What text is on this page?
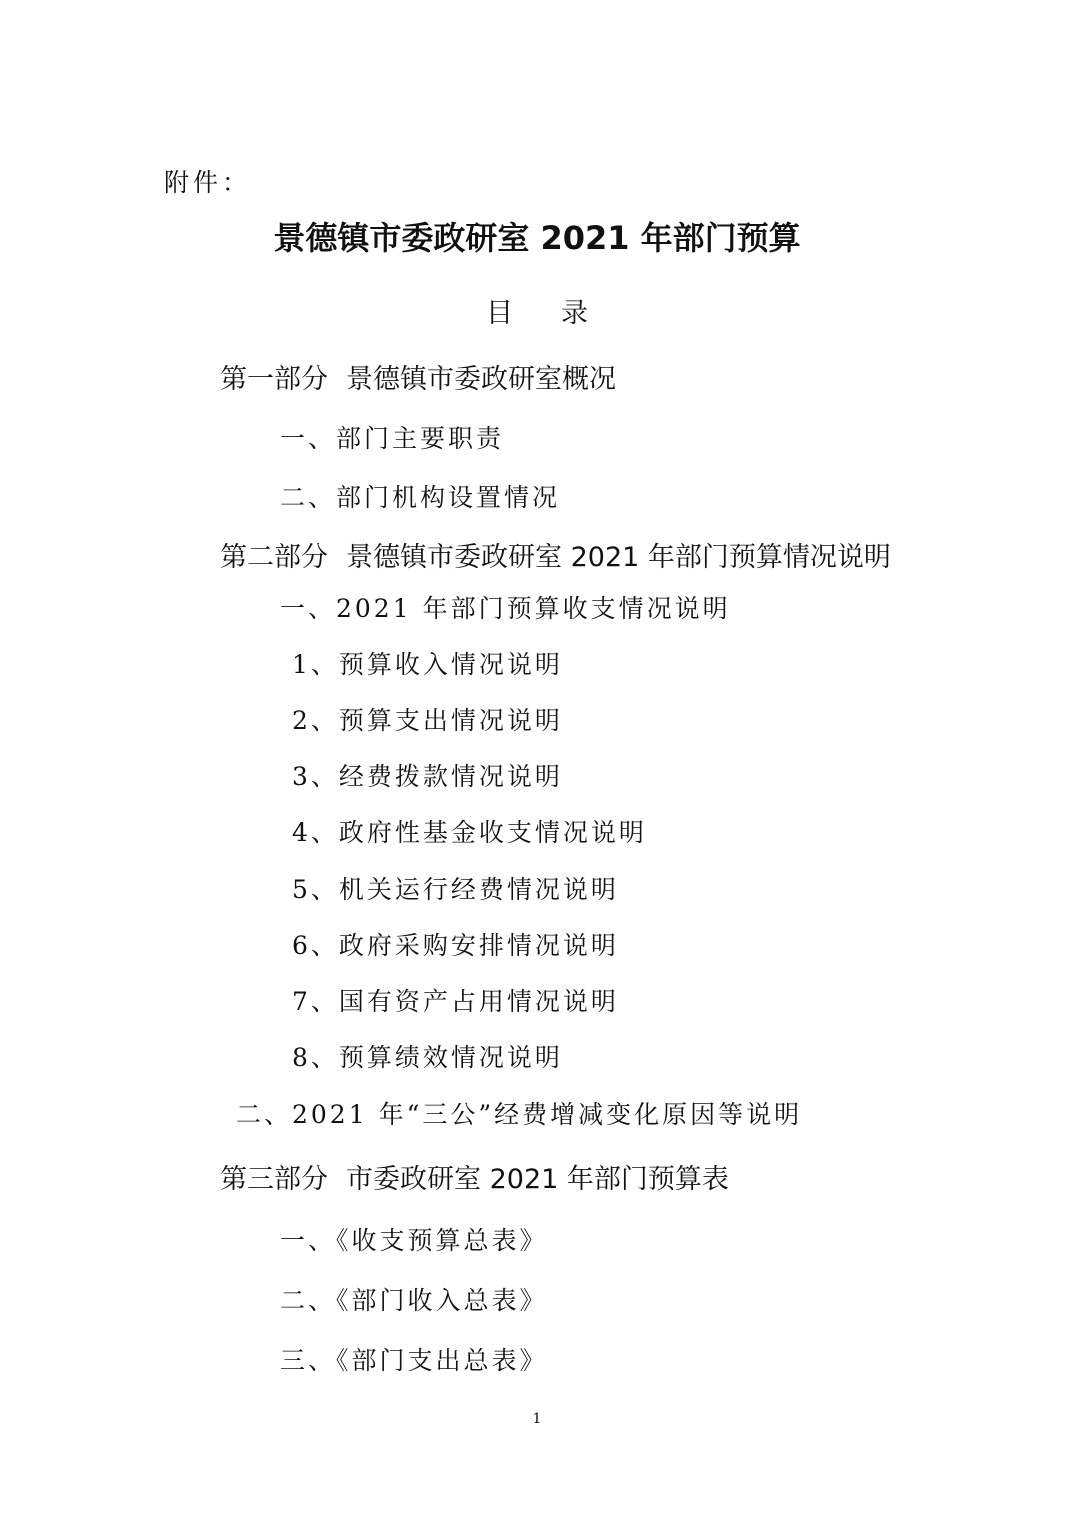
附件：
景德镇市委政研室 2021 年部门预算
目录
第一部分 景德镇市委政研室概况
一、部门主要职责
二、部门机构设置情况
第二部分 景德镇市委政研室 2021 年部门预算情况说明
一、2021 年部门预算收支情况说明
1、预算收入情况说明
2、预算支出情况说明
3、经费拨款情况说明
4、政府性基金收支情况说明
5、机关运行经费情况说明
6、政府采购安排情况说明
7、国有资产占用情况说明
8、预算绩效情况说明
二、2021 年“三公”经费增减变化原因等说明
第三部分 市委政研室 2021 年部门预算表
一、《收支预算总表》
二、《部门收入总表》
三、《部门支出总表》
1
